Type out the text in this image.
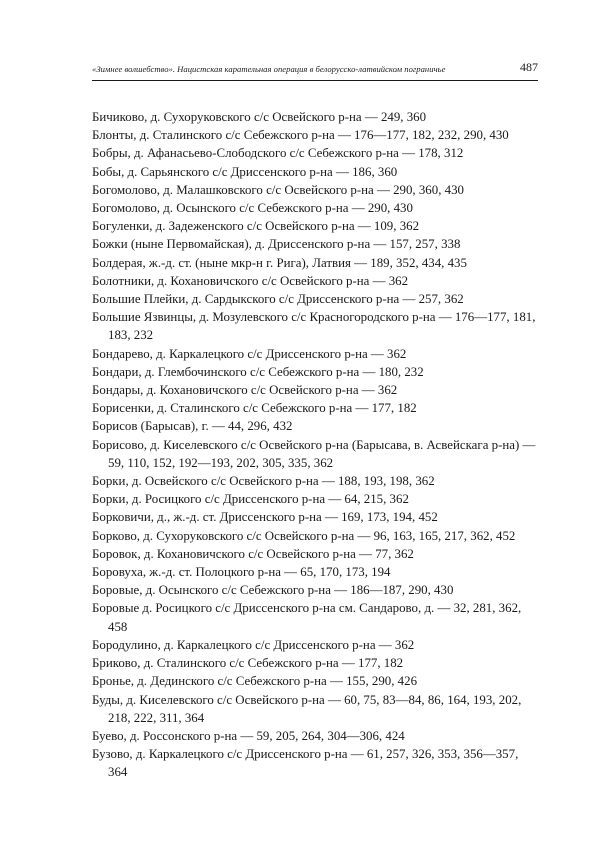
«Зимнее волшебство». Нацистская карательная операция в белорусско-латвийском пограничье	487
Бичиково, д. Сухоруковского с/с Освейского р-на — 249, 360
Блонты, д. Сталинского с/с Себежского р-на — 176—177, 182, 232, 290, 430
Бобры, д. Афанасьево-Слободского с/с Себежского р-на — 178, 312
Бобы, д. Сарьянского с/с Дриссенского р-на — 186, 360
Богомолово, д. Малашковского с/с Освейского р-на — 290, 360, 430
Богомолово, д. Осынского с/с Себежского р-на — 290, 430
Богуленки, д. Задеженского с/с Освейского р-на — 109, 362
Божки (ныне Первомайская), д. Дриссенского р-на — 157, 257, 338
Болдерая, ж.-д. ст. (ныне мкр-н г. Рига), Латвия — 189, 352, 434, 435
Болотники, д. Кохановичского с/с Освейского р-на — 362
Большие Плейки, д. Сардыкского с/с Дриссенского р-на — 257, 362
Большие Язвинцы, д. Мозулевского с/с Красногородского р-на — 176—177, 181, 183, 232
Бондарево, д. Каркалецкого с/с Дриссенского р-на — 362
Бондари, д. Глембочинского с/с Себежского р-на — 180, 232
Бондары, д. Кохановичского с/с Освейского р-на — 362
Борисенки, д. Сталинского с/с Себежского р-на — 177, 182
Борисов (Барысав), г. — 44, 296, 432
Борисово, д. Киселевского с/с Освейского р-на (Барысава, в. Асвейскага р-на) — 59, 110, 152, 192—193, 202, 305, 335, 362
Борки, д. Освейского с/с Освейского р-на — 188, 193, 198, 362
Борки, д. Росицкого с/с Дриссенского р-на — 64, 215, 362
Борковичи, д., ж.-д. ст. Дриссенского р-на — 169, 173, 194, 452
Борково, д. Сухоруковского с/с Освейского р-на — 96, 163, 165, 217, 362, 452
Боровок, д. Кохановичского с/с Освейского р-на — 77, 362
Боровуха, ж.-д. ст. Полоцкого р-на — 65, 170, 173, 194
Боровые, д. Осынского с/с Себежского р-на — 186—187, 290, 430
Боровые д. Росицкого с/с Дриссенского р-на см. Сандарово, д. — 32, 281, 362, 458
Бородулино, д. Каркалецкого с/с Дриссенского р-на — 362
Бриково, д. Сталинского с/с Себежского р-на — 177, 182
Бронье, д. Дединского с/с Себежского р-на — 155, 290, 426
Буды, д. Киселевского с/с Освейского р-на — 60, 75, 83—84, 86, 164, 193, 202, 218, 222, 311, 364
Буево, д. Россонского р-на — 59, 205, 264, 304—306, 424
Бузово, д. Каркалецкого с/с Дриссенского р-на — 61, 257, 326, 353, 356—357, 364
